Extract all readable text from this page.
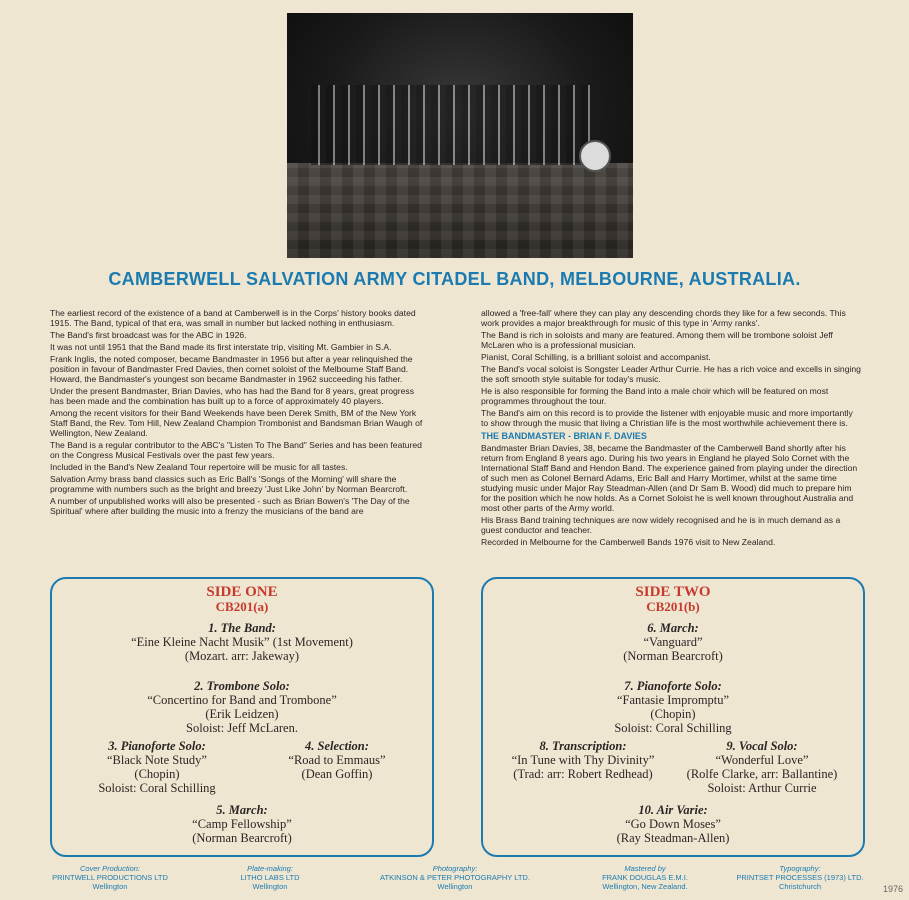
CAMBERWELL SALVATION ARMY CITADEL BAND, MELBOURNE, AUSTRALIA.

The earliest record of the existence of a band at Camberwell is in the Corps' history books dated 1915. The Band, typical of that era, was small in number but lacked nothing in enthusiasm.

The Band's first broadcast was for the ABC in 1926.

It was not until 1951 that the Band made its first interstate trip, visiting Mt. Gambier in S.A.

Frank Inglis, the noted composer, became Bandmaster in 1956 but after a year relinquished the position in favour of Bandmaster Fred Davies, then cornet soloist of the Melbourne Staff Band. Howard, the Bandmaster's youngest son became Bandmaster in 1962 succeeding his father.

Under the present Bandmaster, Brian Davies, who has had the Band for 8 years, great progress has been made and the combination has built up to a force of approximately 40 players.

Among the recent visitors for their Band Weekends have been Derek Smith, BM of the New York Staff Band, the Rev. Tom Hill, New Zealand Champion Trombonist and Bandsman Brian Waugh of Wellington, New Zealand.

The Band is a regular contributor to the ABC's "Listen To The Band" Series and has been featured on the Congress Musical Festivals over the past few years.

Included in the Band's New Zealand Tour repertoire will be music for all tastes.

Salvation Army brass band classics such as Eric Ball's 'Songs of the Morning' will share the programme with numbers such as the bright and breezy 'Just Like John' by Norman Bearcroft.

A number of unpublished works will also be presented - such as Brian Bowen's 'The Day of the Spiritual' where after building the music into a frenzy the musicians of the band are

allowed a 'free-fall' where they can play any descending chords they like for a few seconds. This work provides a major breakthrough for music of this type in 'Army ranks'.

The Band is rich in soloists and many are featured. Among them will be trombone soloist Jeff McLaren who is a professional musician.

Pianist, Coral Schilling, is a brilliant soloist and accompanist.

The Band's vocal soloist is Songster Leader Arthur Currie. He has a rich voice and excells in singing the soft smooth style suitable for today's music.

He is also responsible for forming the Band into a male choir which will be featured on most programmes throughout the tour.

The Band's aim on this record is to provide the listener with enjoyable music and more importantly to show through the music that living a Christian life is the most worthwhile achievement there is.

THE BANDMASTER - BRIAN F. DAVIES

Bandmaster Brian Davies, 38, became the Bandmaster of the Camberwell Band shortly after his return from England 8 years ago. During his two years in England he played Solo Cornet with the International Staff Band and Hendon Band. The experience gained from playing under the direction of such men as Colonel Bernard Adams, Eric Ball and Harry Mortimer, whilst at the same time studying music under Major Ray Steadman-Allen (and Dr Sam B. Wood) did much to prepare him for the position which he now holds. As a Cornet Soloist he is well known throughout Australia and most other parts of the Army world.

His Brass Band training techniques are now widely recognised and he is in much demand as a guest conductor and teacher.

Recorded in Melbourne for the Camberwell Bands 1976 visit to New Zealand.

SIDE ONE
CB201(a)
1. The Band:
“Eine Kleine Nacht Musik” (1st Movement)
(Mozart. arr: Jakeway)
2. Trombone Solo:
“Concertino for Band and Trombone”
(Erik Leidzen)
Soloist: Jeff McLaren.
3. Pianoforte Solo:
“Black Note Study”
(Chopin)
Soloist: Coral Schilling
4. Selection:
“Road to Emmaus”
(Dean Goffin)
5. March:
“Camp Fellowship”
(Norman Bearcroft)
SIDE TWO
CB201(b)
6. March:
“Vanguard”
(Norman Bearcroft)
7. Pianoforte Solo:
“Fantasie Impromptu”
(Chopin)
Soloist: Coral Schilling
8. Transcription:
“In Tune with Thy Divinity”
(Trad: arr: Robert Redhead)
9. Vocal Solo:
“Wonderful Love”
(Rolfe Clarke, arr: Ballantine)
Soloist: Arthur Currie
10. Air Varie:
“Go Down Moses”
(Ray Steadman-Allen)
Cover Production:
PRINTWELL PRODUCTIONS LTD
Wellington
Plate-making:
LITHO LABS LTD
Wellington
Photography:
ATKINSON & PETER PHOTOGRAPHY LTD.
Wellington
Mastered by
FRANK DOUGLAS E.M.I.
Wellington, New Zealand.
Typography:
PRINTSET PROCESSES (1973) LTD.
Christchurch	1976
